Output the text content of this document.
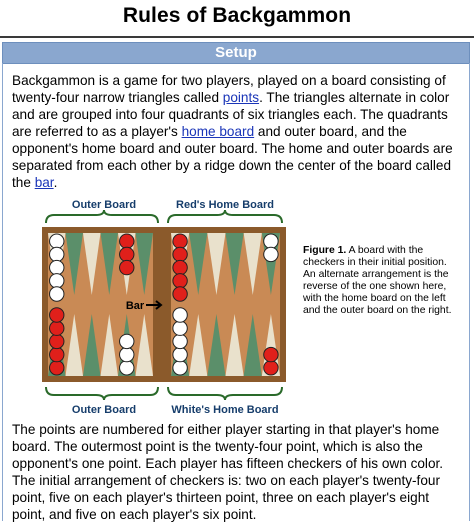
Rules of Backgammon
Setup
Backgammon is a game for two players, played on a board consisting of twenty-four narrow triangles called points. The triangles alternate in color and are grouped into four quadrants of six triangles each. The quadrants are referred to as a player's home board and outer board, and the opponent's home board and outer board. The home and outer boards are separated from each other by a ridge down the center of the board called the bar.
Outer Board	Red's Home Board
Bar
Outer Board	White's Home Board
Figure 1. A board with the checkers in their initial position.
An alternate arrangement is the reverse of the one shown here, with the home board on the left and the outer board on the right.
The points are numbered for either player starting in that player's home board. The outermost point is the twenty-four point, which is also the opponent's one point. Each player has fifteen checkers of his own color. The initial arrangement of checkers is: two on each player's twenty-four point, five on each player's thirteen point, three on each player's eight point, and five on each player's six point.
